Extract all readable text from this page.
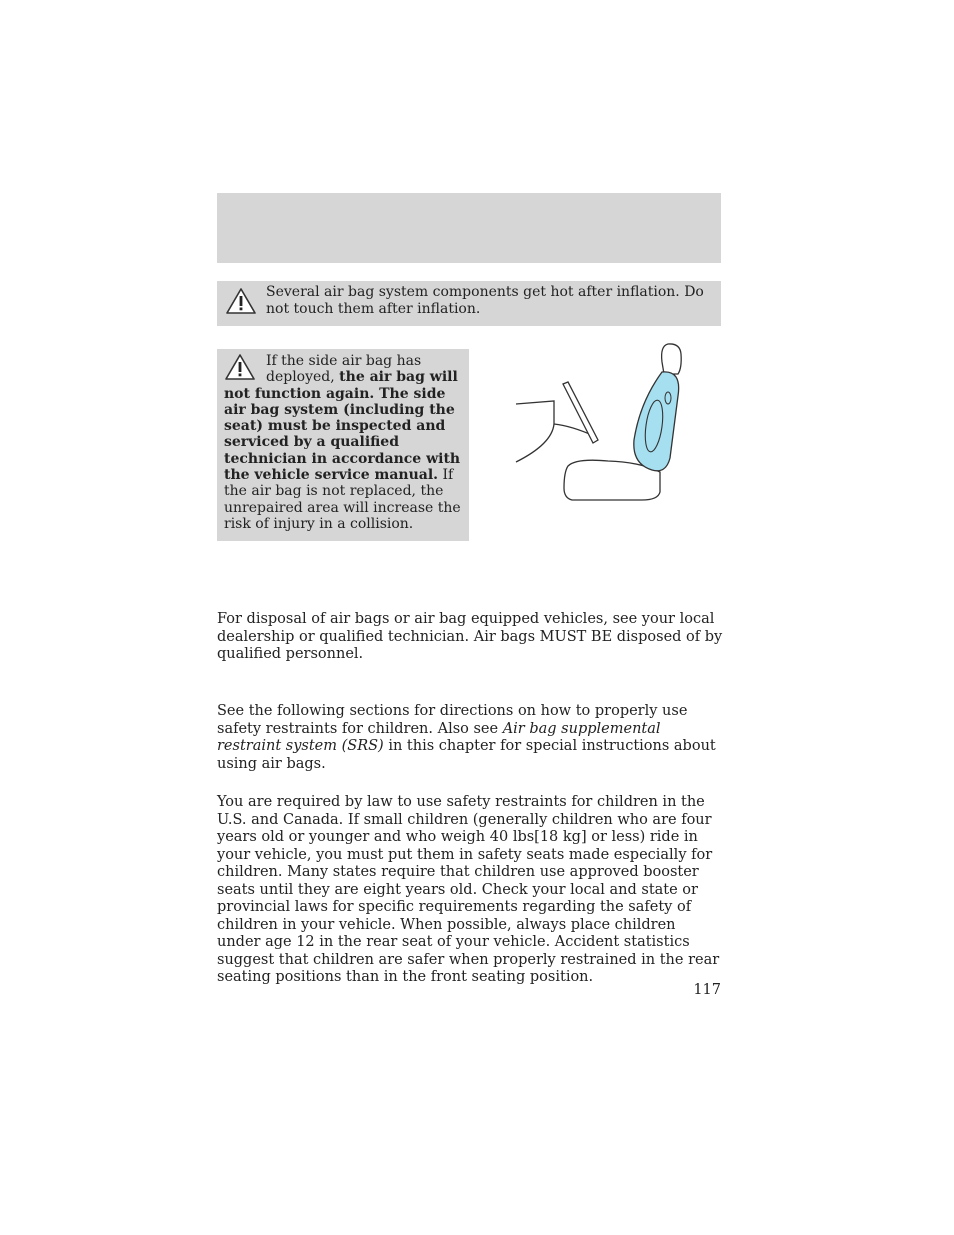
Several air bag system components get hot after inflation. Do not touch them after inflation.
If the side air bag has deployed, the air bag will not function again. The side air bag system (including the seat) must be inspected and serviced by a qualified technician in accordance with the vehicle service manual. If the air bag is not replaced, the unrepaired area will increase the risk of injury in a collision.

For disposal of air bags or air bag equipped vehicles, see your local dealership or qualified technician. Air bags MUST BE disposed of by qualified personnel.

See the following sections for directions on how to properly use safety restraints for children. Also see Air bag supplemental restraint system (SRS) in this chapter for special instructions about using air bags.

You are required by law to use safety restraints for children in the U.S. and Canada. If small children (generally children who are four years old or younger and who weigh 40 lbs[18 kg] or less) ride in your vehicle, you must put them in safety seats made especially for children. Many states require that children use approved booster seats until they are eight years old. Check your local and state or provincial laws for specific requirements regarding the safety of children in your vehicle. When possible, always place children under age 12 in the rear seat of your vehicle. Accident statistics suggest that children are safer when properly restrained in the rear seating positions than in the front seating position.

117
